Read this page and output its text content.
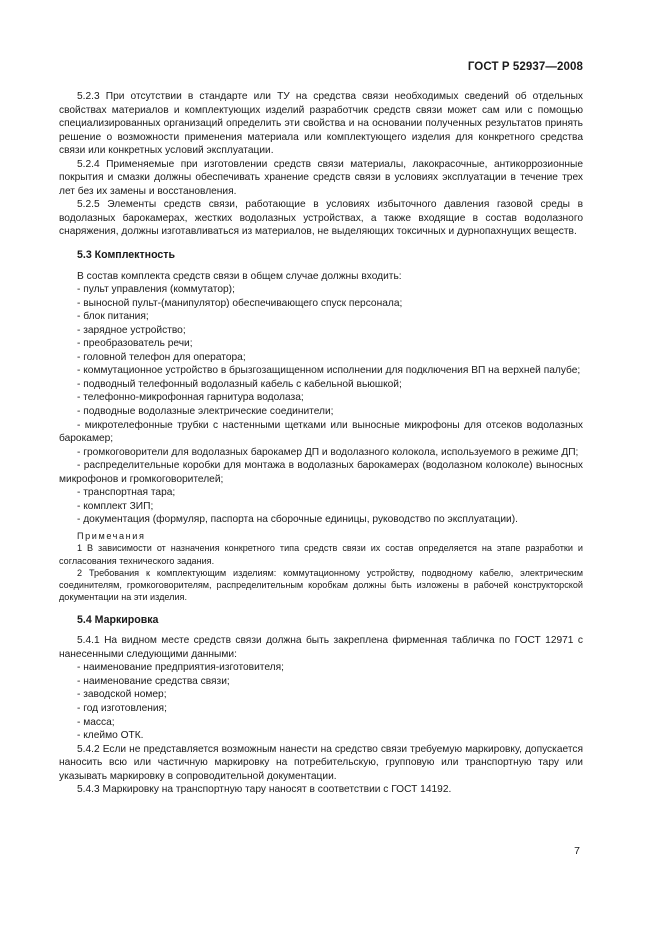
ГОСТ Р 52937—2008

5.2.3 При отсутствии в стандарте или ТУ на средства связи необходимых сведений об отдельных свойствах материалов и комплектующих изделий разработчик средств связи может сам или с помощью специализированных организаций определить эти свойства и на основании полученных результатов принять решение о возможности применения материала или комплектующего изделия для конкретного средства связи или конкретных условий эксплуатации.

5.2.4 Применяемые при изготовлении средств связи материалы, лакокрасочные, антикоррозионные покрытия и смазки должны обеспечивать хранение средств связи в условиях эксплуатации в течение трех лет без их замены и восстановления.

5.2.5 Элементы средств связи, работающие в условиях избыточного давления газовой среды в водолазных барокамерах, жестких водолазных устройствах, а также входящие в состав водолазного снаряжения, должны изготавливаться из материалов, не выделяющих токсичных и дурнопахнущих веществ.

5.3 Комплектность

В состав комплекта средств связи в общем случае должны входить:

- пульт управления (коммутатор);

- выносной пульт-(манипулятор) обеспечивающего спуск персонала;

- блок питания;

- зарядное устройство;

- преобразователь речи;

- головной телефон для оператора;

- коммутационное устройство в брызгозащищенном исполнении для подключения ВП на верхней палубе;

- подводный телефонный водолазный кабель с кабельной вьюшкой;

- телефонно-микрофонная гарнитура водолаза;

- подводные водолазные электрические соединители;

- микротелефонные трубки с настенными щетками или выносные микрофоны для отсеков водолазных барокамер;

- громкоговорители для водолазных барокамер ДП и водолазного колокола, используемого в режиме ДП;

- распределительные коробки для монтажа в водолазных барокамерах (водолазном колоколе) выносных микрофонов и громкоговорителей;

- транспортная тара;

- комплект ЗИП;

- документация (формуляр, паспорта на сборочные единицы, руководство по эксплуатации).

Примечания

1 В зависимости от назначения конкретного типа средств связи их состав определяется на этапе разработки и согласования технического задания.

2 Требования к комплектующим изделиям: коммутационному устройству, подводному кабелю, электрическим соединителям, громкоговорителям, распределительным коробкам должны быть изложены в рабочей конструкторской документации на эти изделия.

5.4 Маркировка

5.4.1 На видном месте средств связи должна быть закреплена фирменная табличка по ГОСТ 12971 с нанесенными следующими данными:

- наименование предприятия-изготовителя;

- наименование средства связи;

- заводской номер;

- год изготовления;

- масса;

- клеймо ОТК.

5.4.2 Если не представляется возможным нанести на средство связи требуемую маркировку, допускается наносить всю или частичную маркировку на потребительскую, групповую или транспортную тару или указывать маркировку в сопроводительной документации.

5.4.3 Маркировку на транспортную тару наносят в соответствии с ГОСТ 14192.

7
